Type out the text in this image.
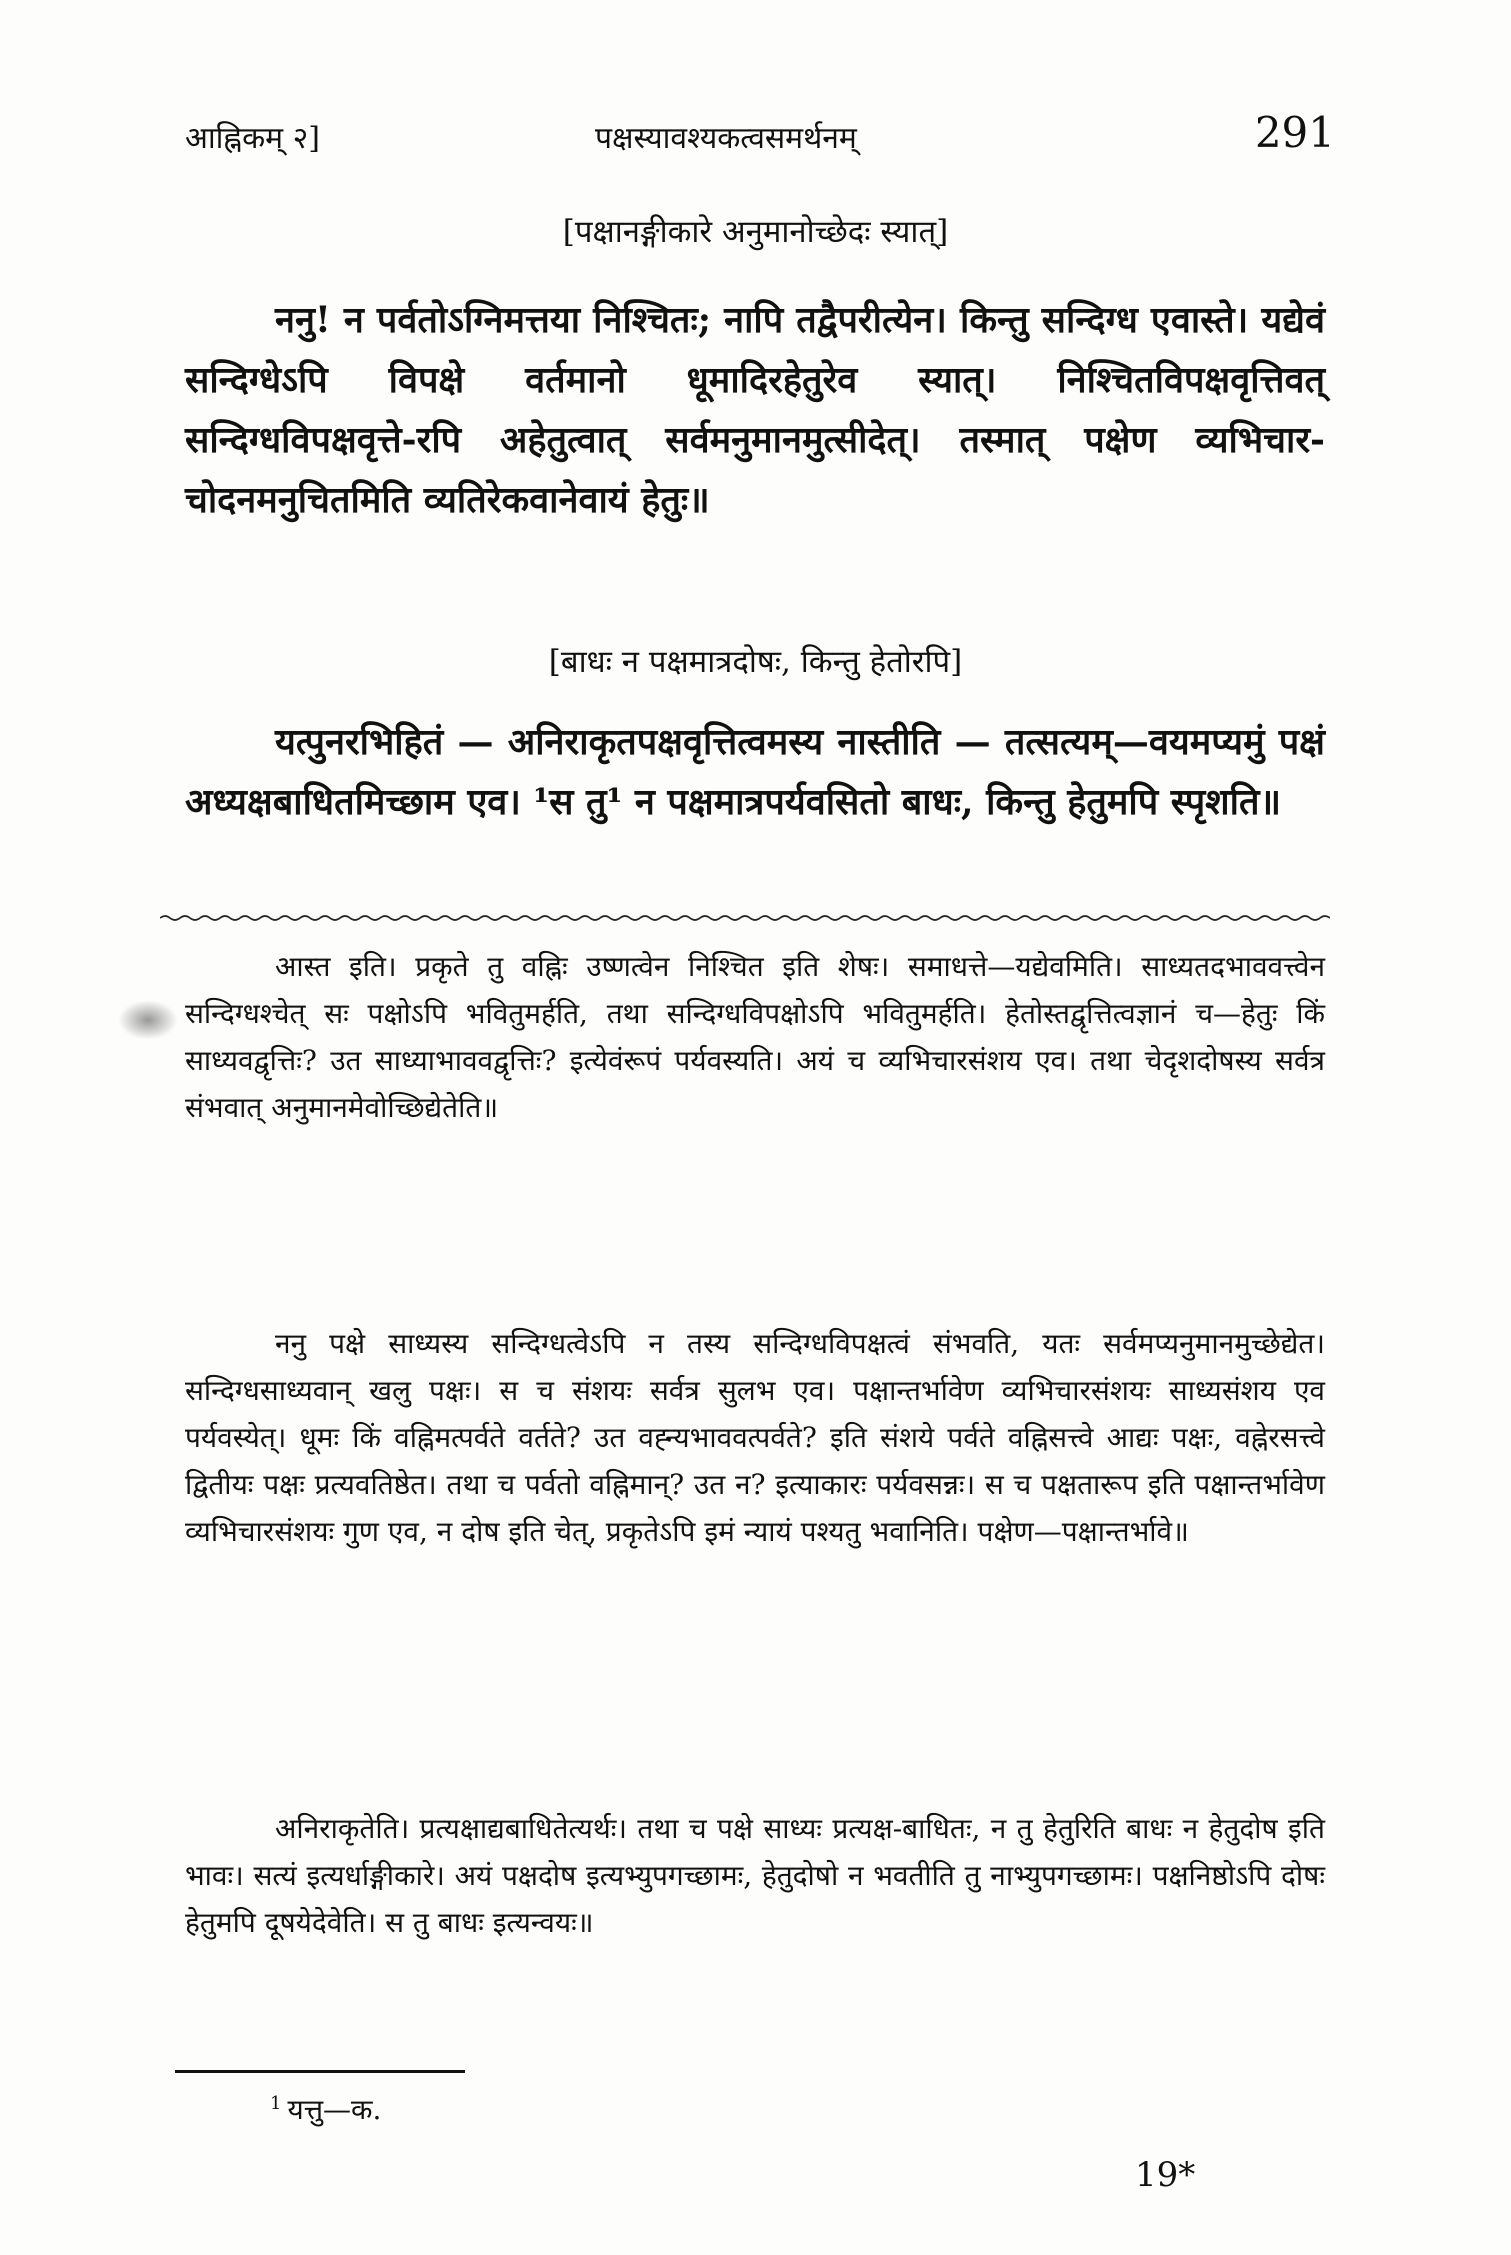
आह्निकम् २]	पक्षस्यावश्यकत्वसमर्थनम्	291
[पक्षानङ्गीकारे अनुमानोच्छेदः स्यात्]
ननु! न पर्वतोऽग्निमत्तया निश्चितः; नापि तद्वैपरीत्येन। किन्तु सन्दिग्ध एवास्ते। यद्येवं सन्दिग्धेऽपि विपक्षे वर्तमानो धूमादिरहेतुरेव स्यात्। निश्चितविपक्षवृत्तिवत् सन्दिग्धविपक्षवृत्ते-रपि अहेतुत्वात् सर्वमनुमानमुत्सीदेत्। तस्मात् पक्षेण व्यभिचार-चोदनमनुचितमिति व्यतिरेकवानेवायं हेतुः॥
[बाधः न पक्षमात्रदोषः, किन्तु हेतोरपि]
यत्पुनरभिहितं — अनिराकृतपक्षवृत्तित्वमस्य नास्तीति — तत्सत्यम्—वयमप्यमुं पक्षं अध्यक्षबाधितमिच्छाम एव। ¹स तु¹ न पक्षमात्रपर्यवसितो बाधः, किन्तु हेतुमपि स्पृशति॥
आस्त इति। प्रकृते तु वह्निः उष्णत्वेन निश्चित इति शेषः। समाधत्ते—यद्येवमिति। साध्यतदभाववत्त्वेन सन्दिग्धश्चेत् सः पक्षोऽपि भवितुमर्हति, तथा सन्दिग्धविपक्षोऽपि भवितुमर्हति। हेतोस्तद्वृत्तित्वज्ञानं च—हेतुः किं साध्यवद्वृत्तिः? उत साध्याभाववद्वृत्तिः? इत्येवंरूपं पर्यवस्यति। अयं च व्यभिचारसंशय एव। तथा चेदृशदोषस्य सर्वत्र संभवात् अनुमानमेवोच्छिद्येतेति॥
ननु पक्षे साध्यस्य सन्दिग्धत्वेऽपि न तस्य सन्दिग्धविपक्षत्वं संभवति, यतः सर्वमप्यनुमानमुच्छेद्येत। सन्दिग्धसाध्यवान् खलु पक्षः। स च संशयः सर्वत्र सुलभ एव। पक्षान्तर्भावेण व्यभिचारसंशयः साध्यसंशय एव पर्यवस्येत्। धूमः किं वह्निमत्पर्वते वर्तते? उत वह्न्यभाववत्पर्वते? इति संशये पर्वते वह्निसत्त्वे आद्यः पक्षः, वह्नेरसत्त्वे द्वितीयः पक्षः प्रत्यवतिष्ठेत। तथा च पर्वतो वह्निमान्? उत न? इत्याकारः पर्यवसन्नः। स च पक्षतारूप इति पक्षान्तर्भावेण व्यभिचारसंशयः गुण एव, न दोष इति चेत्, प्रकृतेऽपि इमं न्यायं पश्यतु भवानिति। पक्षेण—पक्षान्तर्भावे॥
अनिराकृतेति। प्रत्यक्षाद्यबाधितेत्यर्थः। तथा च पक्षे साध्यः प्रत्यक्ष-बाधितः, न तु हेतुरिति बाधः न हेतुदोष इति भावः। सत्यं इत्यर्धाङ्गीकारे। अयं पक्षदोष इत्यभ्युपगच्छामः, हेतुदोषो न भवतीति तु नाभ्युपगच्छामः। पक्षनिष्ठोऽपि दोषः हेतुमपि दूषयेदेवेति। स तु बाधः इत्यन्वयः॥
$^1$ यत्तु—क.
19*
